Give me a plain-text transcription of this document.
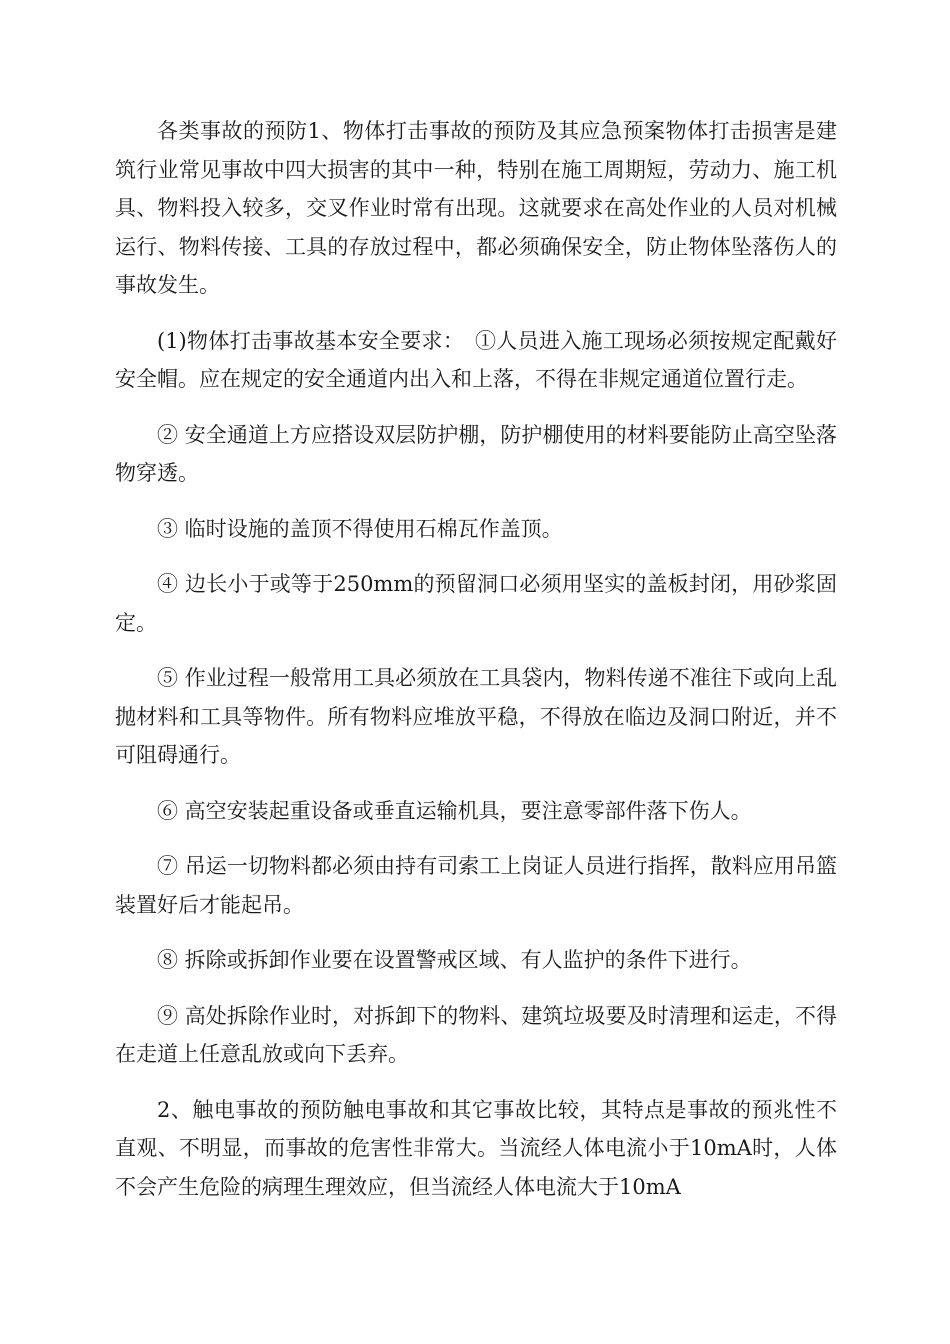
各类事故的预防1、物体打击事故的预防及其应急预案物体打击损害是建筑行业常见事故中四大损害的其中一种，特别在施工周期短，劳动力、施工机具、物料投入较多，交叉作业时常有出现。这就要求在高处作业的人员对机械运行、物料传接、工具的存放过程中，都必须确保安全，防止物体坠落伤人的事故发生。

(1)物体打击事故基本安全要求：　①人员进入施工现场必须按规定配戴好安全帽。应在规定的安全通道内出入和上落，不得在非规定通道位置行走。

② 安全通道上方应搭设双层防护棚，防护棚使用的材料要能防止高空坠落物穿透。

③ 临时设施的盖顶不得使用石棉瓦作盖顶。

④ 边长小于或等于250mm的预留洞口必须用坚实的盖板封闭，用砂浆固定。

⑤ 作业过程一般常用工具必须放在工具袋内，物料传递不准往下或向上乱抛材料和工具等物件。所有物料应堆放平稳，不得放在临边及洞口附近，并不可阻碍通行。

⑥ 高空安装起重设备或垂直运输机具，要注意零部件落下伤人。

⑦ 吊运一切物料都必须由持有司索工上岗证人员进行指挥，散料应用吊篮装置好后才能起吊。

⑧ 拆除或拆卸作业要在设置警戒区域、有人监护的条件下进行。

⑨ 高处拆除作业时，对拆卸下的物料、建筑垃圾要及时清理和运走，不得在走道上任意乱放或向下丢弃。

2、触电事故的预防触电事故和其它事故比较，其特点是事故的预兆性不直观、不明显，而事故的危害性非常大。当流经人体电流小于10mA时，人体不会产生危险的病理生理效应，但当流经人体电流大于10mA
